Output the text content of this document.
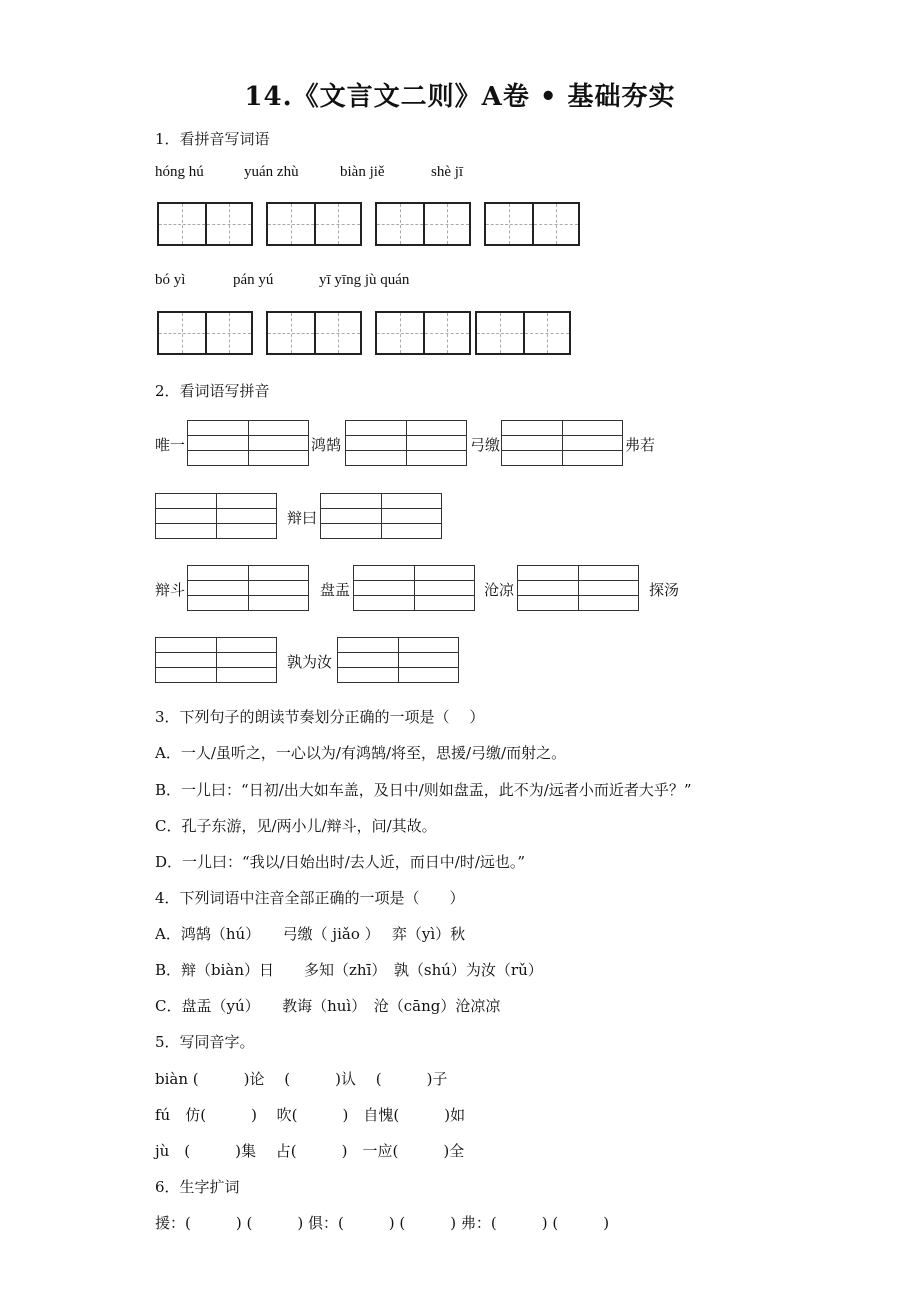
14.《文言文二则》A卷 • 基础夯实
1．看拼音写词语
hóng hú	yuán zhù	biàn jiě	shè jī
bó yì	pán yú	yī yīng jù quán
2．看词语写拼音
唯一	鸿鹄	弓缴	弗若
辩曰
辩斗	盘盂	沧凉	探汤
孰为汝
3．下列句子的朗读节奏划分正确的一项是（　 ）
A．一人/虽听之，一心以为/有鸿鹄/将至，思援/弓缴/而射之。
B．一儿曰：“日初/出大如车盖，及日中/则如盘盂，此不为/远者小而近者大乎？”
C．孔子东游，见/两小儿/辩斗，问/其故。
D．一儿曰：“我以/日始出时/去人近，而日中/时/远也。”
4．下列词语中注音全部正确的一项是（　　）
A．鸿鹄（hú）　　弓缴（ jiǎo ）　 弈（yì）秋
B．辩（biàn）日　　多知（zhī）　孰（shú）为汝（rǔ）
C．盘盂（yú）　　教诲（huì）　沧（cāng）沧凉凉
5．写同音字。
biàn (　　　)论　 (　　　)认　 (　　　)子
fú　仿(　　　)　 吹(　　　)　自愧(　　　)如
jù　(　　　)集　 占(　　　)　一应(　　　)全
6．生字扩词
援：(　　　) (　　　) 俱：(　　　) (　　　) 弗：(　　　) (　　　)
